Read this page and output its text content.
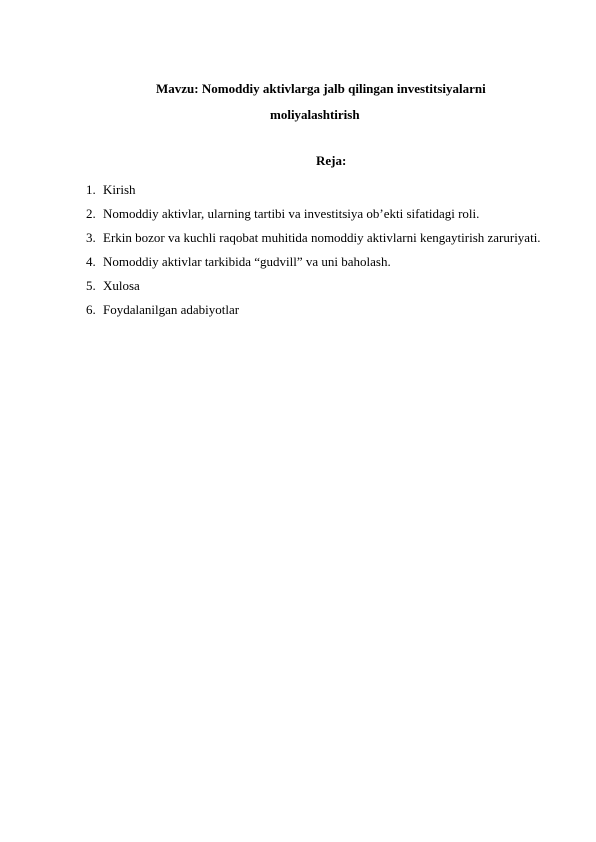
Mavzu: Nomoddiy aktivlarga jalb qilingan investitsiyalarni
moliyalashtirish
Reja:
1. Kirish
2. Nomoddiy aktivlar, ularning tartibi va investitsiya ob’ekti sifatidagi roli.
3. Erkin bozor va kuchli raqobat muhitida nomoddiy aktivlarni kengaytirish zaruriyati.
4. Nomoddiy aktivlar tarkibida “gudvill” va uni baholash.
5. Xulosa
6. Foydalanilgan adabiyotlar
